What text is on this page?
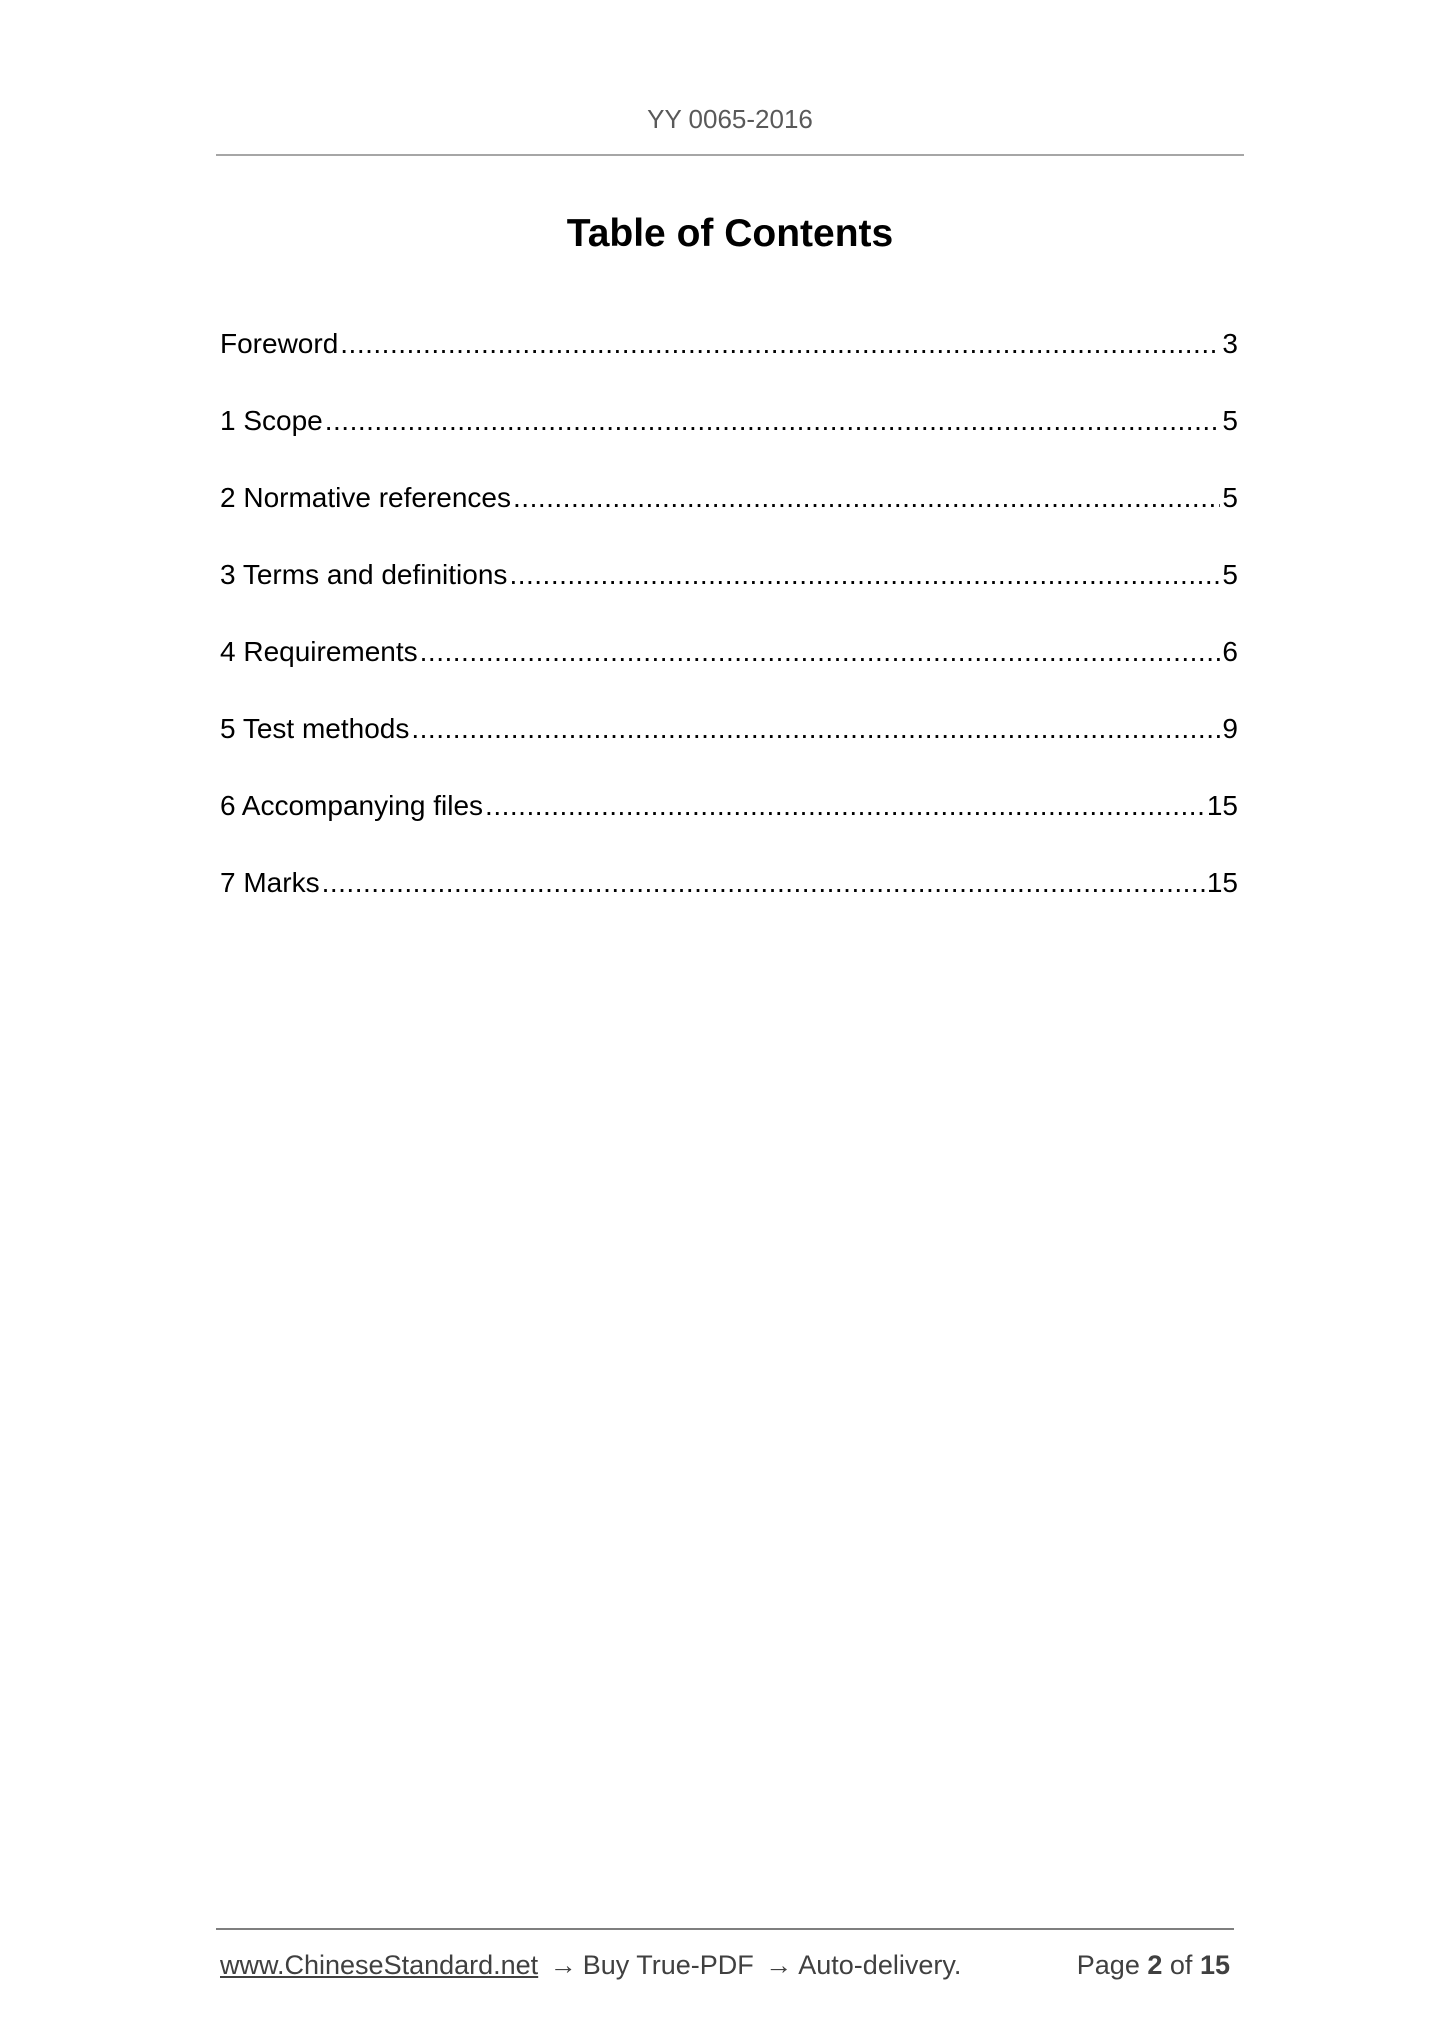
YY 0065-2016
Table of Contents
Foreword .....	3
1 Scope .....	5
2 Normative references .....	5
3 Terms and definitions .....	5
4 Requirements .....	6
5 Test methods .....	9
6 Accompanying files .....	15
7 Marks .....	15
www.ChineseStandard.net → Buy True-PDF → Auto-delivery.	Page 2 of 15
